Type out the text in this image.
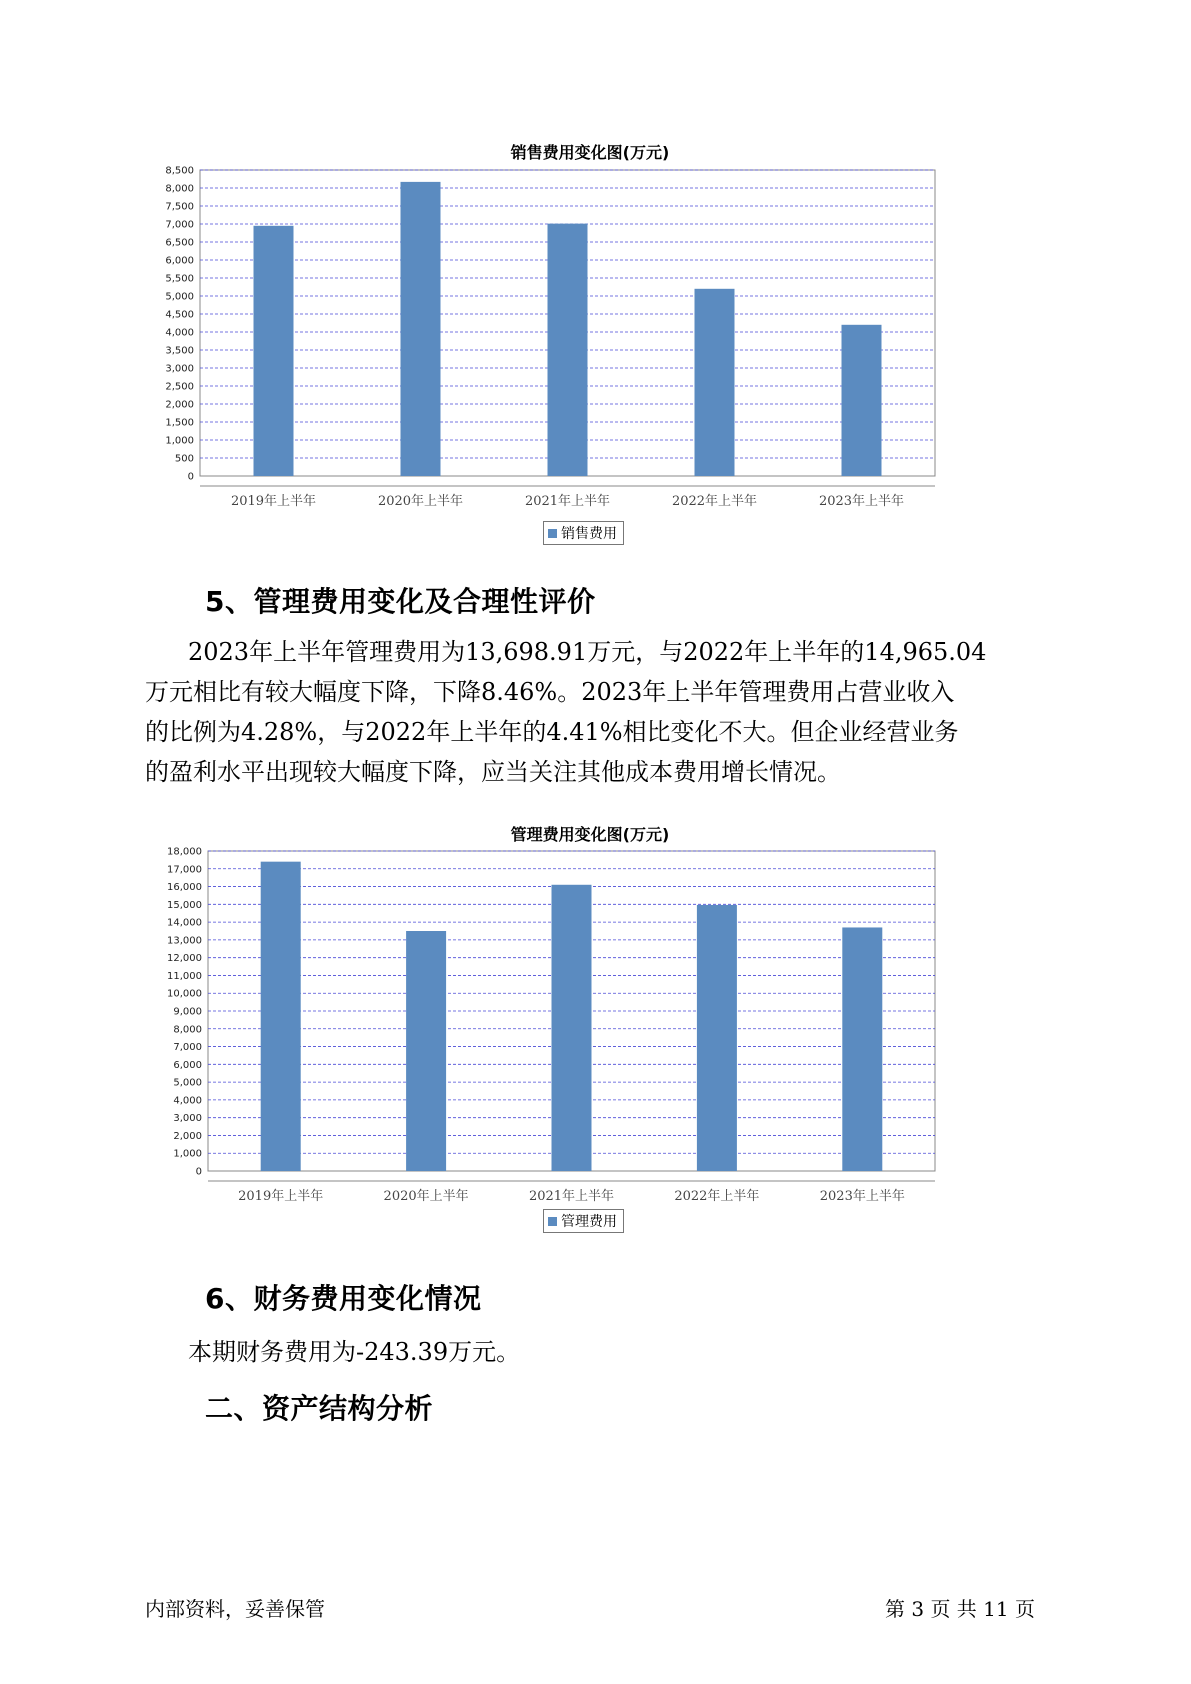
销售费用变化图(万元)
0
500
1,000
1,500
2,000
2,500
3,000
3,500
4,000
4,500
5,000
5,500
6,000
6,500
7,000
7,500
8,000
8,500
2019年上半年	2020年上半年	2021年上半年	2022年上半年	2023年上半年
销售费用
5、管理费用变化及合理性评价
2023年上半年管理费用为13,698.91万元，与2022年上半年的14,965.04
万元相比有较大幅度下降，下降8.46%。2023年上半年管理费用占营业收入
的比例为4.28%，与2022年上半年的4.41%相比变化不大。但企业经营业务
的盈利水平出现较大幅度下降，应当关注其他成本费用增长情况。
管理费用变化图(万元)
0
1,000
2,000
3,000
4,000
5,000
6,000
7,000
8,000
9,000
10,000
11,000
12,000
13,000
14,000
15,000
16,000
17,000
18,000
2019年上半年	2020年上半年	2021年上半年	2022年上半年	2023年上半年
管理费用
6、财务费用变化情况
本期财务费用为-243.39万元。
二、资产结构分析
内部资料，妥善保管	第 3 页 共 11 页
